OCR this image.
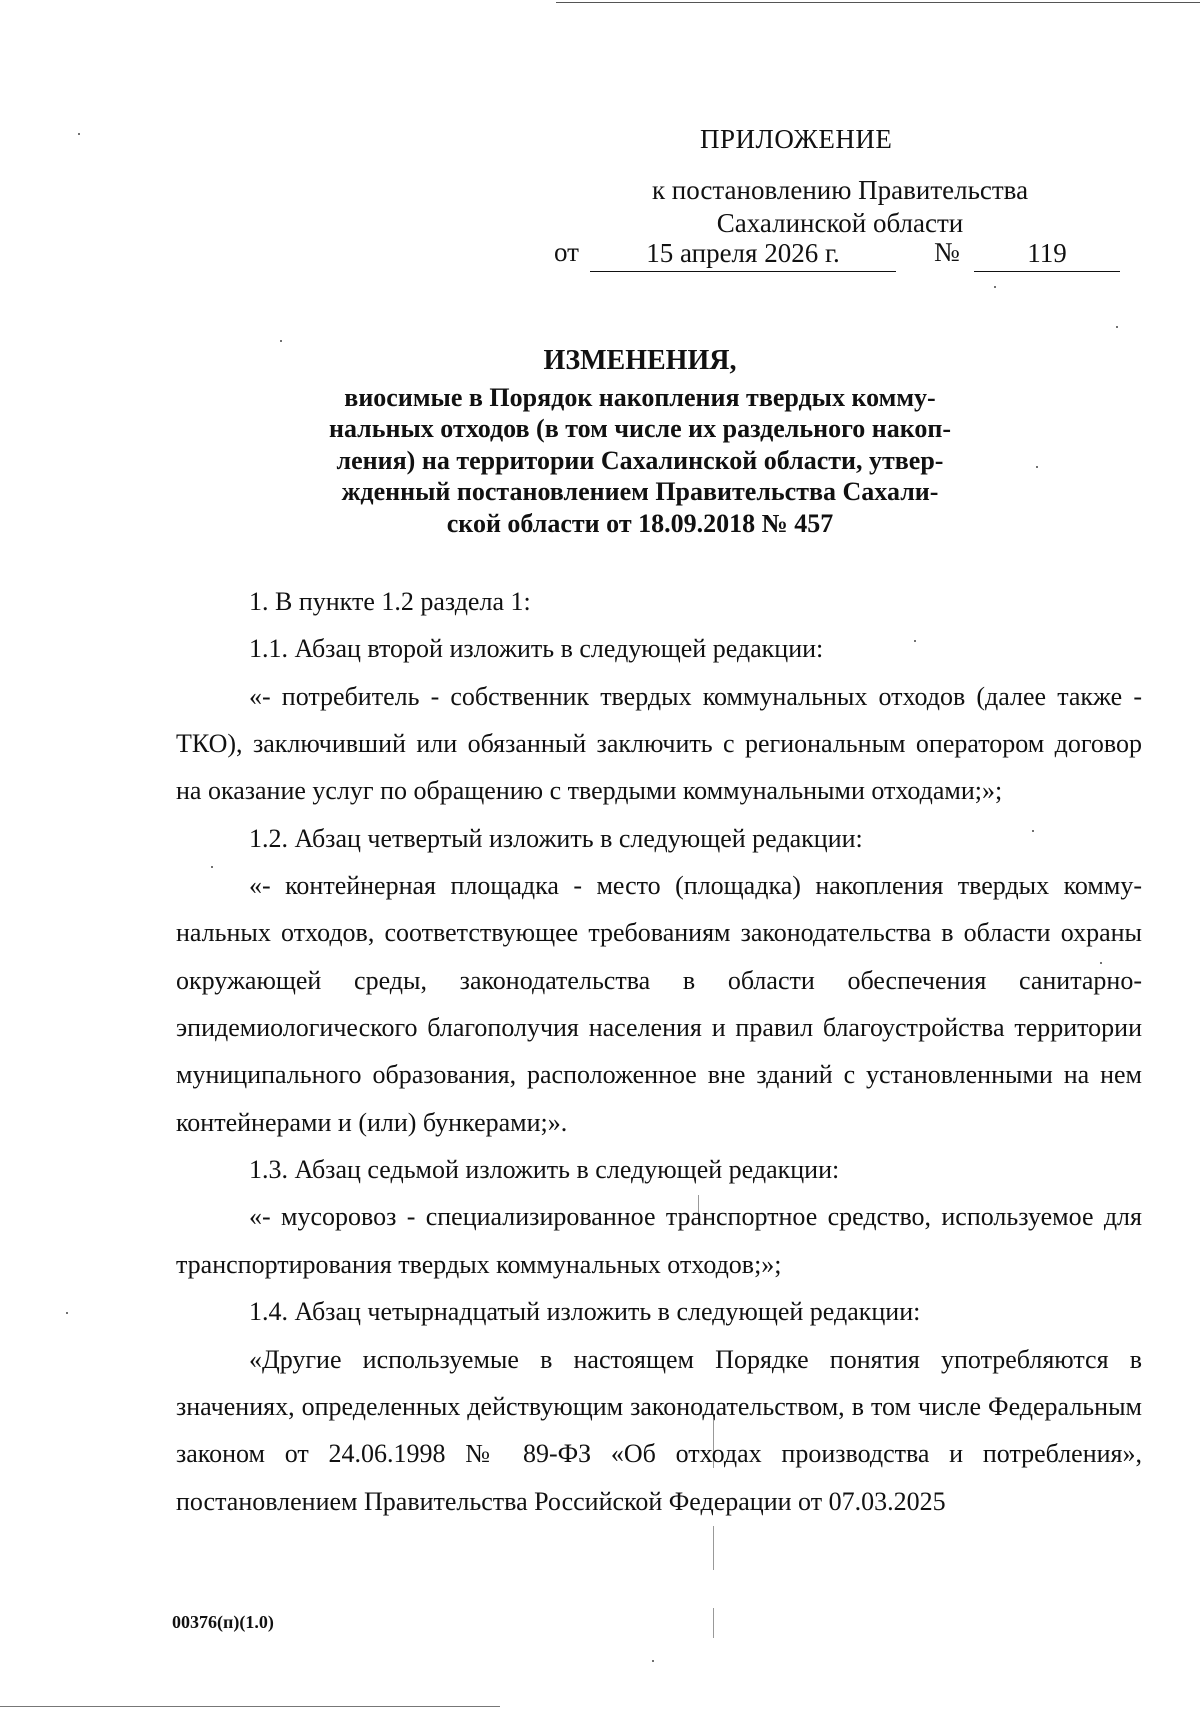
ПРИЛОЖЕНИЕ
к постановлению Правительства
Сахалинской области
от	15 апреля 2026 г.	№	119
ИЗМЕНЕНИЯ,
виосимые в Порядок накопления твердых комму-
нальных отходов (в том числе их раздельного накоп-
ления) на территории Сахалинской области, утвер-
жденный постановлением Правительства Сахали-
ской области от 18.09.2018 № 457

1. В пункте 1.2 раздела 1:

1.1. Абзац второй изложить в следующей редакции:

«- потребитель - собственник твердых коммунальных отходов (далее также - ТКО), заключивший или обязанный заключить с региональным оператором договор на оказание услуг по обращению с твердыми коммунальными отходами;»;

1.2. Абзац четвертый изложить в следующей редакции:

«- контейнерная площадка - место (площадка) накопления твердых коммунальных отходов, соответствующее требованиям законодательства в области охраны окружающей среды, законодательства в области обеспечения санитарно-эпидемиологического благополучия населения и правил благоустройства территории муниципального образования, расположенное вне зданий с установленными на нем контейнерами и (или) бункерами;».

1.3. Абзац седьмой изложить в следующей редакции:

«- мусоровоз - специализированное транспортное средство, используемое для транспортирования твердых коммунальных отходов;»;

1.4. Абзац четырнадцатый изложить в следующей редакции:

«Другие используемые в настоящем Порядке понятия употребляются в значениях, определенных действующим законодательством, в том числе Федеральным законом от 24.06.1998 № 89-ФЗ «Об отходах производства и потребления», постановлением Правительства Российской Федерации от 07.03.2025

00376(п)(1.0)
